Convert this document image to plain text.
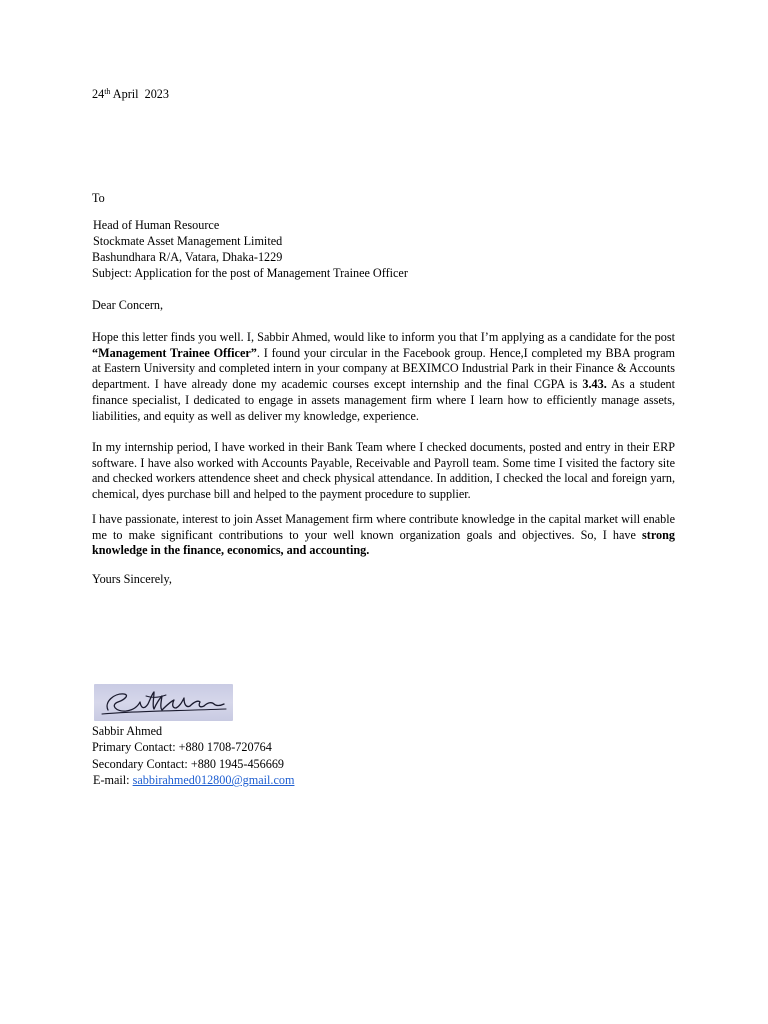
24th April  2023
To
Head of Human Resource
Stockmate Asset Management Limited
Bashundhara R/A, Vatara, Dhaka-1229
Subject: Application for the post of Management Trainee Officer
Dear Concern,
Hope this letter finds you well. I, Sabbir Ahmed, would like to inform you that I’m applying as a candidate for the post “Management Trainee Officer”. I found your circular in the Facebook group. Hence,I completed my BBA program at Eastern University and completed intern in your company at BEXIMCO Industrial Park in their Finance & Accounts department. I have already done my academic courses except internship and the final CGPA is 3.43. As a student finance specialist, I dedicated to engage in assets management firm where I learn how to efficiently manage assets, liabilities, and equity as well as deliver my knowledge, experience.
In my internship period, I have worked in their Bank Team where I checked documents, posted and entry in their ERP software. I have also worked with Accounts Payable, Receivable and Payroll team. Some time I visited the factory site and checked workers attendence sheet and check physical attendance. In addition, I checked the local and foreign yarn, chemical, dyes purchase bill and helped to the payment procedure to supplier.
I have passionate, interest to join Asset Management firm where contribute knowledge in the capital market will enable me to make significant contributions to your well known organization goals and objectives. So, I have strong knowledge in the finance, economics, and accounting.
Yours Sincerely,
Sabbir Ahmed
Primary Contact: +880 1708-720764
Secondary Contact: +880 1945-456669
E-mail: sabbirahmed012800@gmail.com
